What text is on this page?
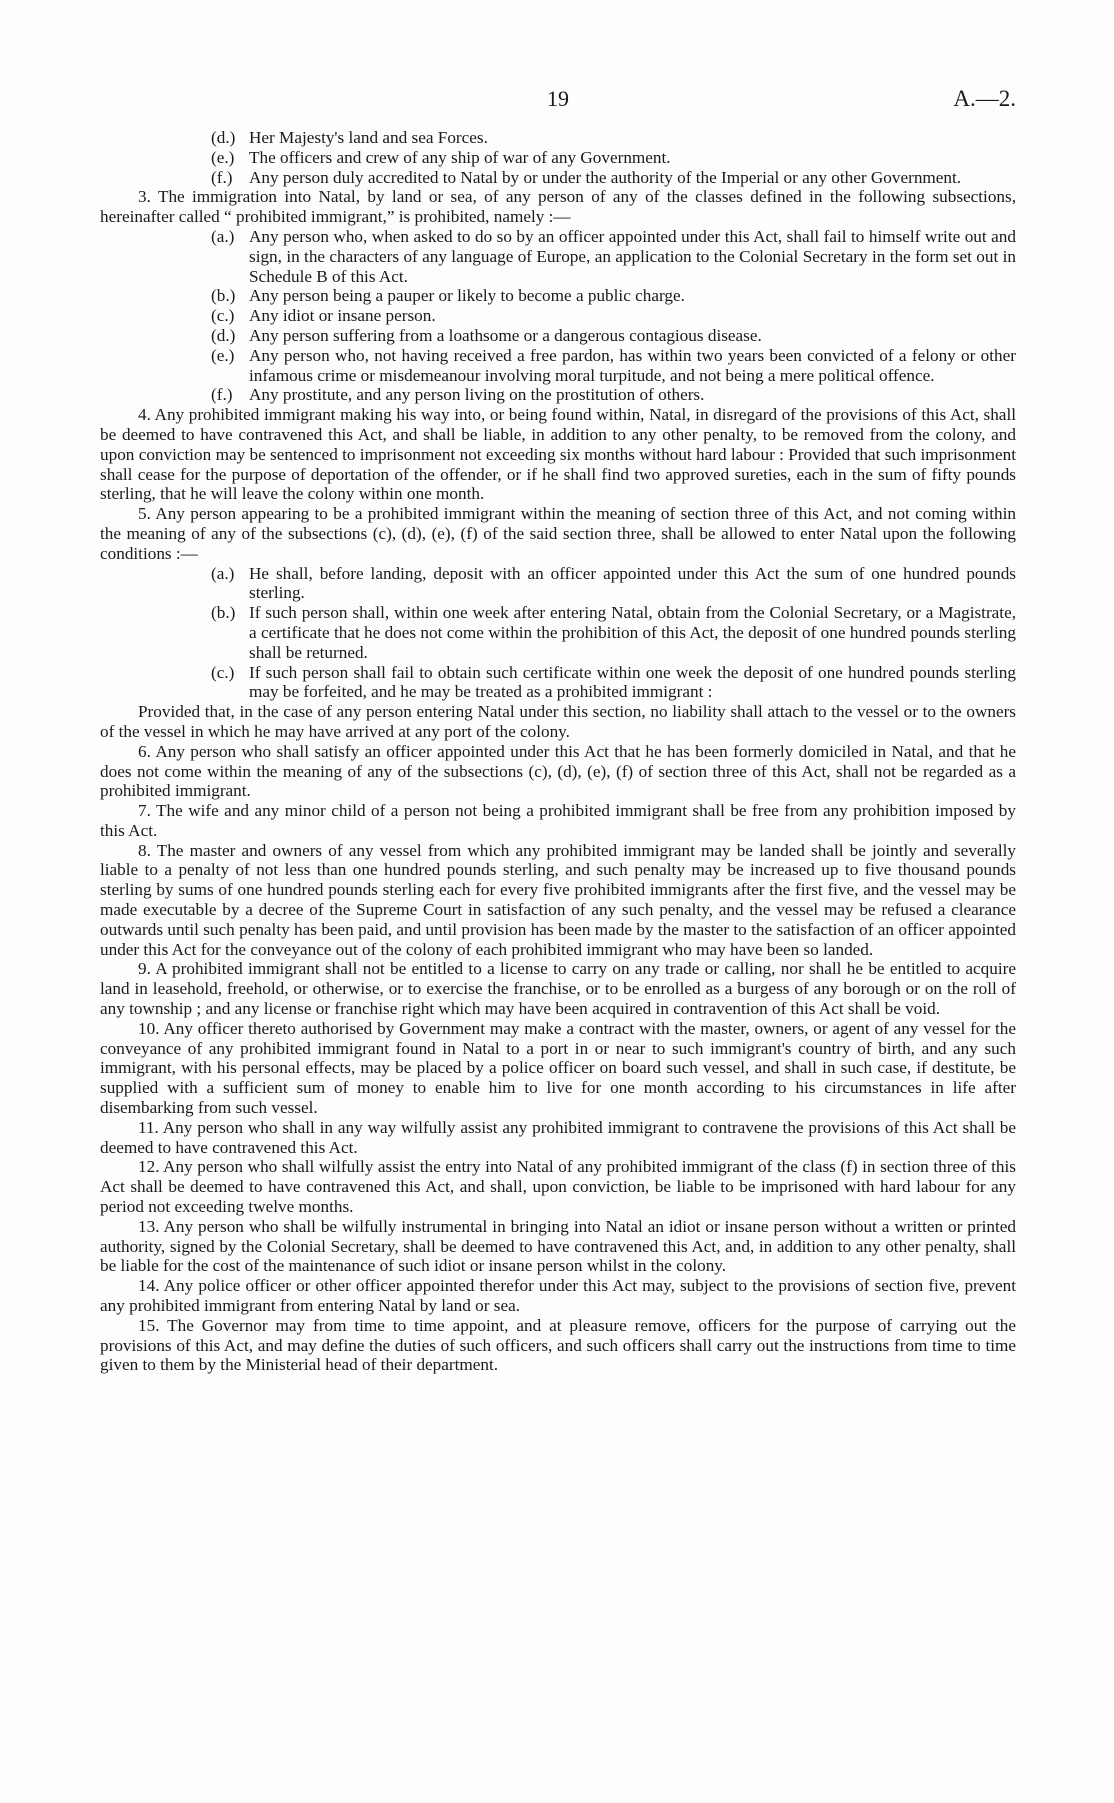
19	A.—2.

(d.) Her Majesty's land and sea Forces.

(e.) The officers and crew of any ship of war of any Government.

(f.) Any person duly accredited to Natal by or under the authority of the Imperial or any other Government.

3. The immigration into Natal, by land or sea, of any person of any of the classes defined in the following subsections, hereinafter called “ prohibited immigrant,” is prohibited, namely :—

(a.) Any person who, when asked to do so by an officer appointed under this Act, shall fail to himself write out and sign, in the characters of any language of Europe, an application to the Colonial Secretary in the form set out in Schedule B of this Act.

(b.) Any person being a pauper or likely to become a public charge.

(c.) Any idiot or insane person.

(d.) Any person suffering from a loathsome or a dangerous contagious disease.

(e.) Any person who, not having received a free pardon, has within two years been convicted of a felony or other infamous crime or misdemeanour involving moral turpitude, and not being a mere political offence.

(f.) Any prostitute, and any person living on the prostitution of others.

4. Any prohibited immigrant making his way into, or being found within, Natal, in disregard of the provisions of this Act, shall be deemed to have contravened this Act, and shall be liable, in addition to any other penalty, to be removed from the colony, and upon conviction may be sentenced to imprisonment not exceeding six months without hard labour : Provided that such imprisonment shall cease for the purpose of deportation of the offender, or if he shall find two approved sureties, each in the sum of fifty pounds sterling, that he will leave the colony within one month.

5. Any person appearing to be a prohibited immigrant within the meaning of section three of this Act, and not coming within the meaning of any of the subsections (c), (d), (e), (f) of the said section three, shall be allowed to enter Natal upon the following conditions :—

(a.) He shall, before landing, deposit with an officer appointed under this Act the sum of one hundred pounds sterling.

(b.) If such person shall, within one week after entering Natal, obtain from the Colonial Secretary, or a Magistrate, a certificate that he does not come within the prohibition of this Act, the deposit of one hundred pounds sterling shall be returned.

(c.) If such person shall fail to obtain such certificate within one week the deposit of one hundred pounds sterling may be forfeited, and he may be treated as a prohibited immigrant :

Provided that, in the case of any person entering Natal under this section, no liability shall attach to the vessel or to the owners of the vessel in which he may have arrived at any port of the colony.

6. Any person who shall satisfy an officer appointed under this Act that he has been formerly domiciled in Natal, and that he does not come within the meaning of any of the subsections (c), (d), (e), (f) of section three of this Act, shall not be regarded as a prohibited immigrant.

7. The wife and any minor child of a person not being a prohibited immigrant shall be free from any prohibition imposed by this Act.

8. The master and owners of any vessel from which any prohibited immigrant may be landed shall be jointly and severally liable to a penalty of not less than one hundred pounds sterling, and such penalty may be increased up to five thousand pounds sterling by sums of one hundred pounds sterling each for every five prohibited immigrants after the first five, and the vessel may be made executable by a decree of the Supreme Court in satisfaction of any such penalty, and the vessel may be refused a clearance outwards until such penalty has been paid, and until provision has been made by the master to the satisfaction of an officer appointed under this Act for the conveyance out of the colony of each prohibited immigrant who may have been so landed.

9. A prohibited immigrant shall not be entitled to a license to carry on any trade or calling, nor shall he be entitled to acquire land in leasehold, freehold, or otherwise, or to exercise the franchise, or to be enrolled as a burgess of any borough or on the roll of any township ; and any license or franchise right which may have been acquired in contravention of this Act shall be void.

10. Any officer thereto authorised by Government may make a contract with the master, owners, or agent of any vessel for the conveyance of any prohibited immigrant found in Natal to a port in or near to such immigrant's country of birth, and any such immigrant, with his personal effects, may be placed by a police officer on board such vessel, and shall in such case, if destitute, be supplied with a sufficient sum of money to enable him to live for one month according to his circumstances in life after disembarking from such vessel.

11. Any person who shall in any way wilfully assist any prohibited immigrant to contravene the provisions of this Act shall be deemed to have contravened this Act.

12. Any person who shall wilfully assist the entry into Natal of any prohibited immigrant of the class (f) in section three of this Act shall be deemed to have contravened this Act, and shall, upon conviction, be liable to be imprisoned with hard labour for any period not exceeding twelve months.

13. Any person who shall be wilfully instrumental in bringing into Natal an idiot or insane person without a written or printed authority, signed by the Colonial Secretary, shall be deemed to have contravened this Act, and, in addition to any other penalty, shall be liable for the cost of the maintenance of such idiot or insane person whilst in the colony.

14. Any police officer or other officer appointed therefor under this Act may, subject to the provisions of section five, prevent any prohibited immigrant from entering Natal by land or sea.

15. The Governor may from time to time appoint, and at pleasure remove, officers for the purpose of carrying out the provisions of this Act, and may define the duties of such officers, and such officers shall carry out the instructions from time to time given to them by the Ministerial head of their department.
